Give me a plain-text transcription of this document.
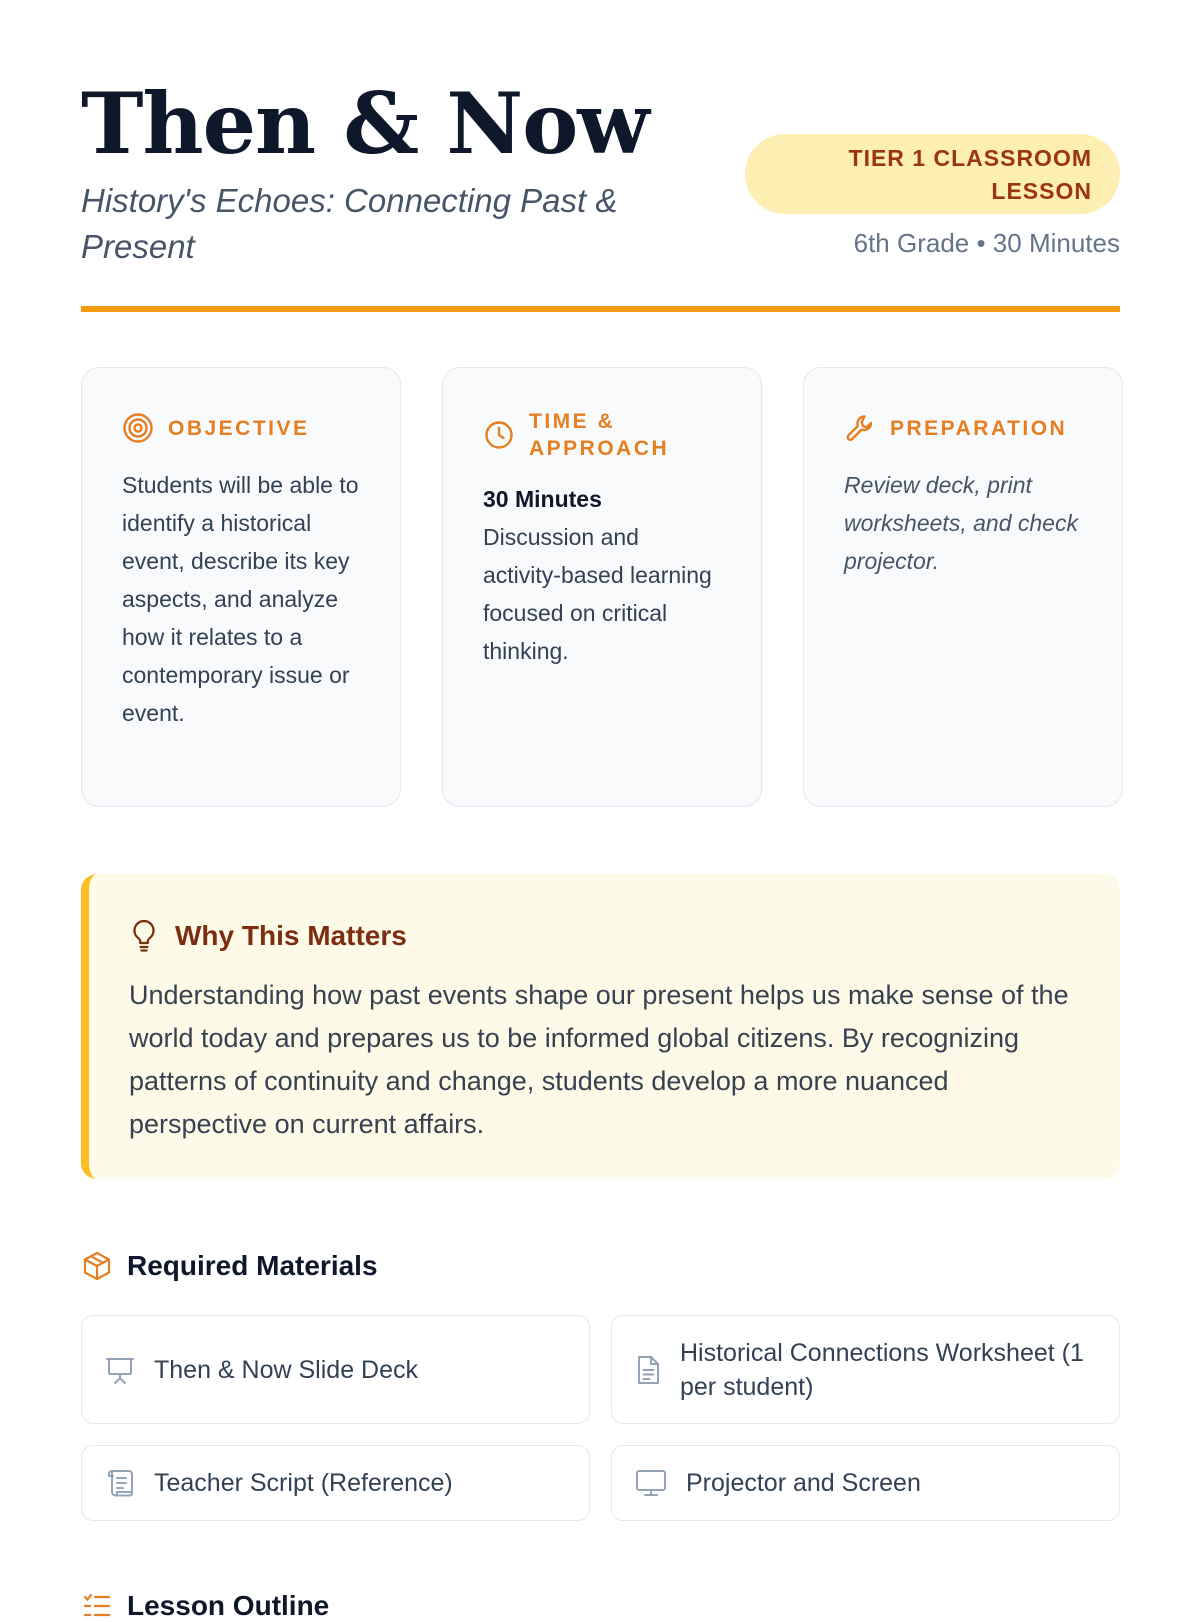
Then & Now
History's Echoes: Connecting Past & Present
TIER 1 CLASSROOM LESSON
6th Grade • 30 Minutes
OBJECTIVE

Students will be able to identify a historical event, describe its key aspects, and analyze how it relates to a contemporary issue or event.

TIME & APPROACH
30 Minutes
Discussion and activity-based learning focused on critical thinking.
PREPARATION

Review deck, print worksheets, and check projector.

Why This Matters

Understanding how past events shape our present helps us make sense of the world today and prepares us to be informed global citizens. By recognizing patterns of continuity and change, students develop a more nuanced perspective on current affairs.

Required Materials
Then & Now Slide Deck
Historical Connections Worksheet (1 per student)
Teacher Script (Reference)	Projector and Screen
Lesson Outline
